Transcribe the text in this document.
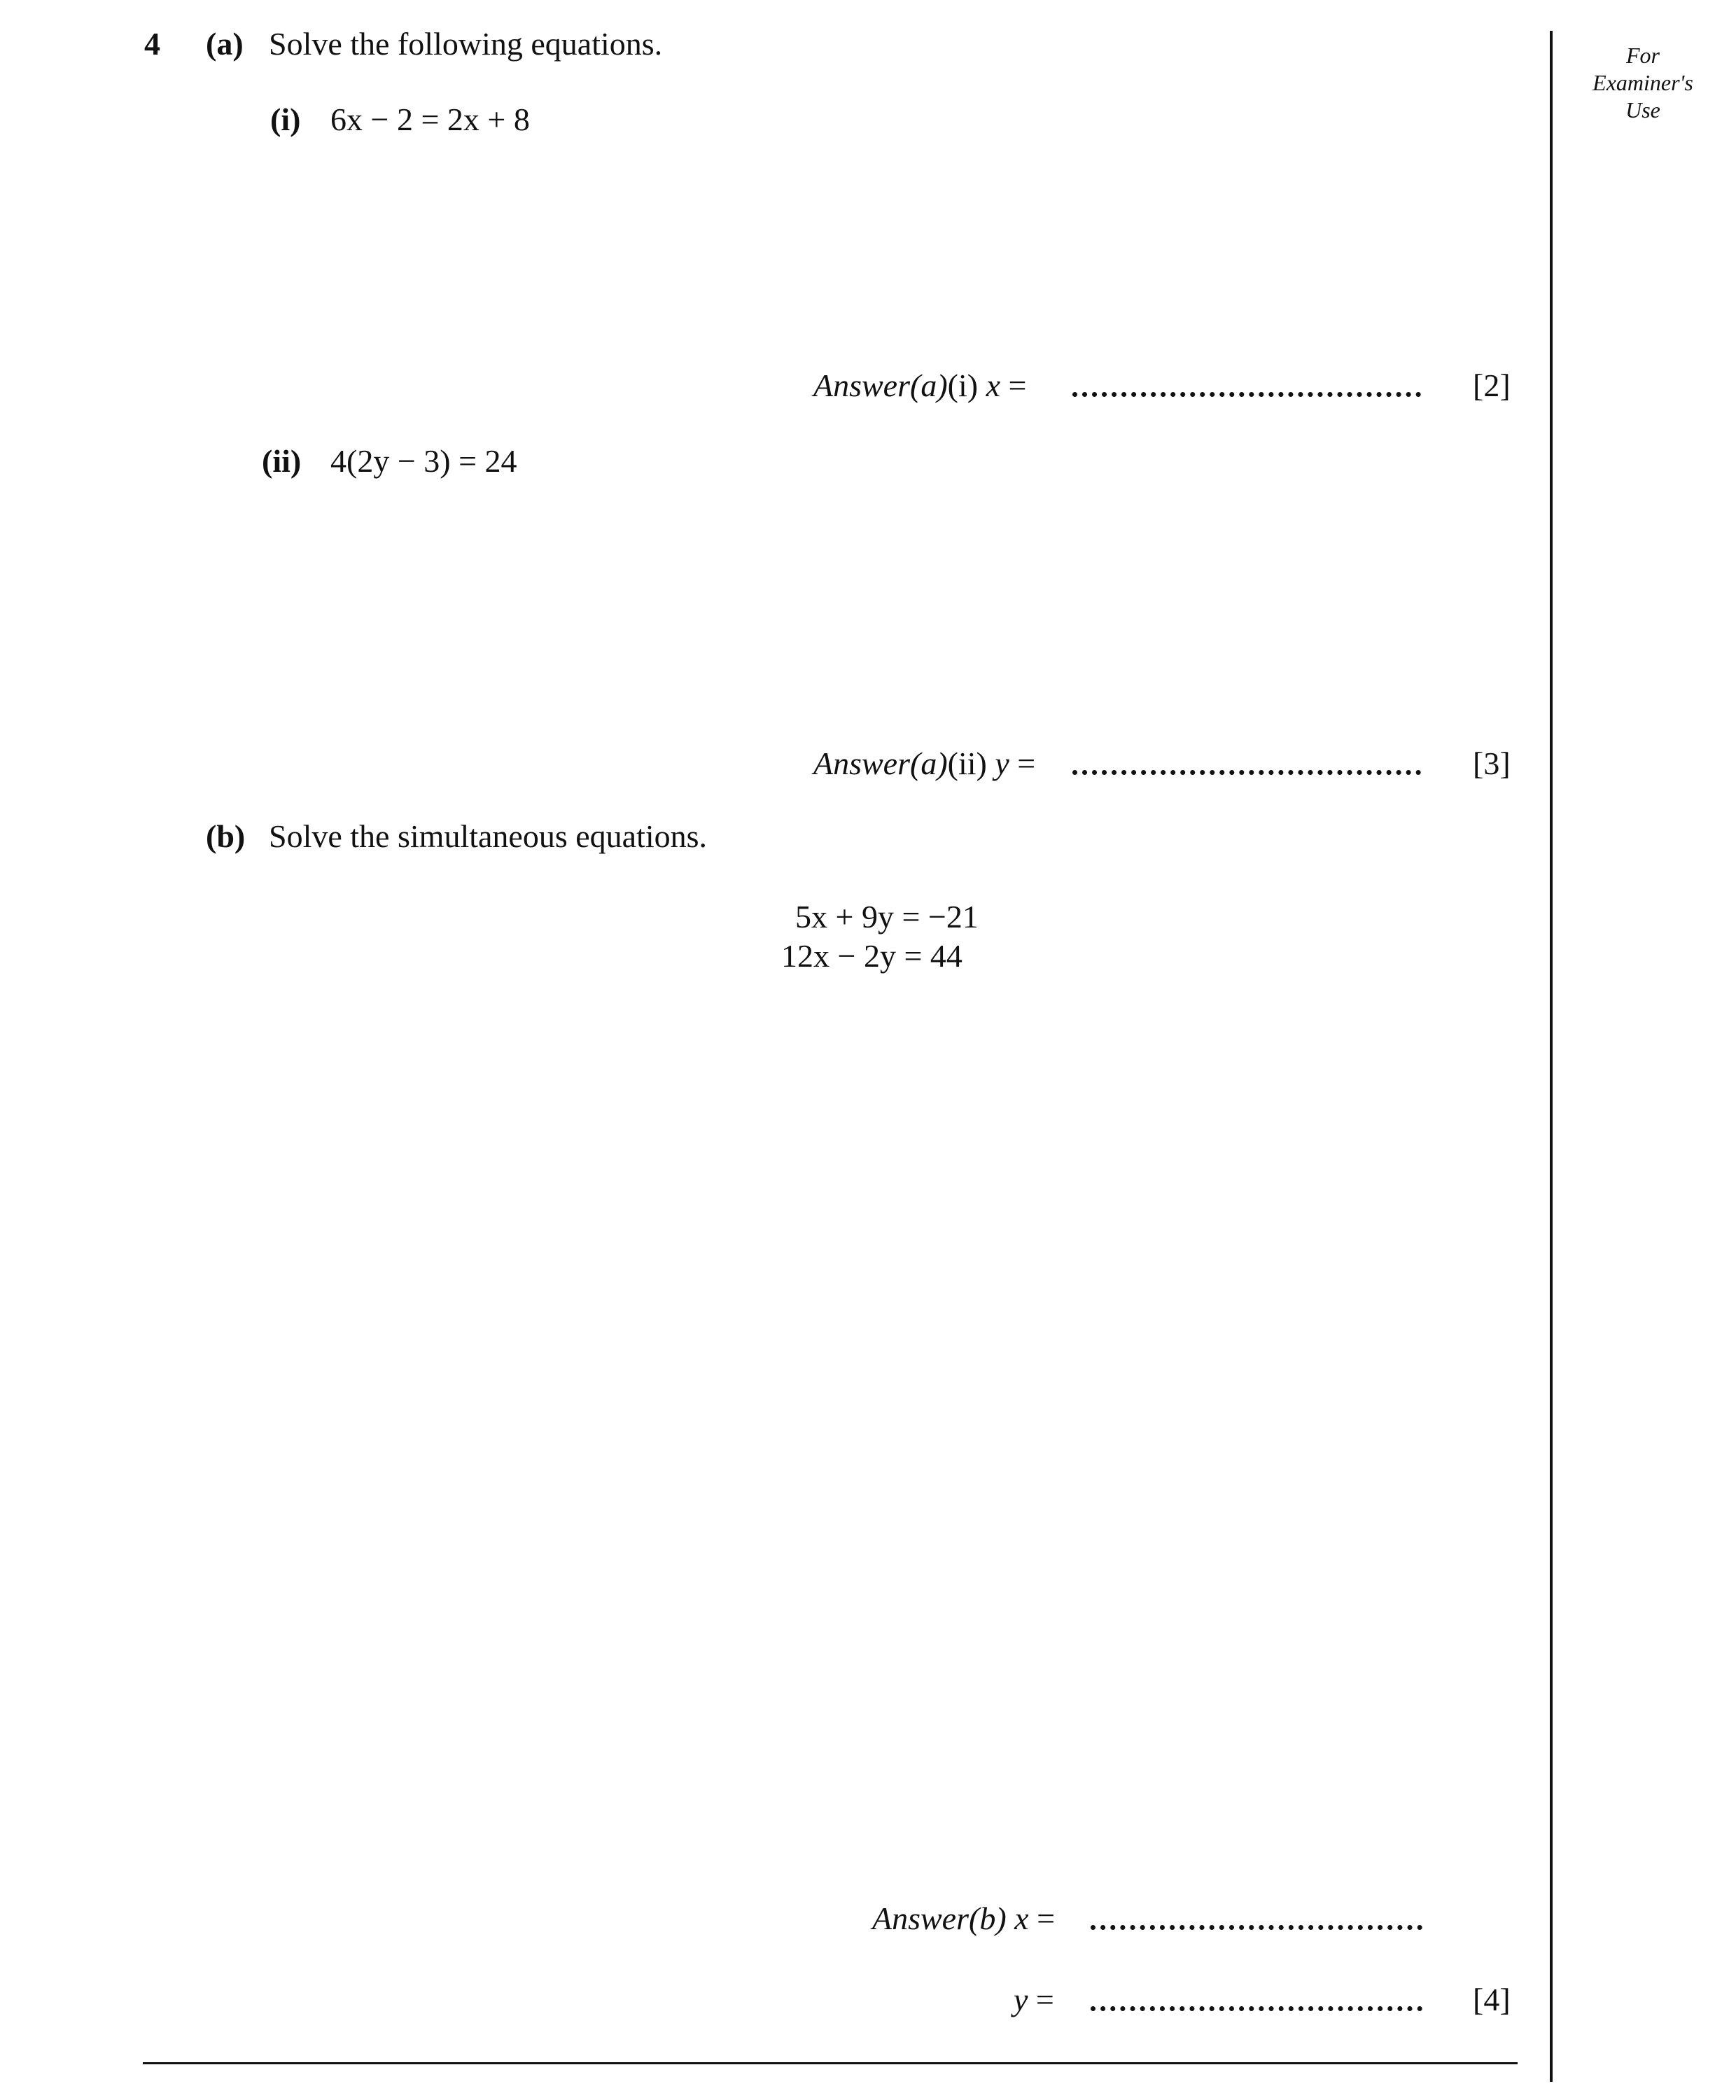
4 (a) Solve the following equations.
(i) 6x − 2 = 2x + 8
Answer(a)(i) x =	[2]
(ii) 4(2y − 3) = 24
Answer(a)(ii) y =	[3]
(b) Solve the simultaneous equations.
5x + 9y = −21
12x − 2y = 44
Answer(b) x =
y =	[4]
For
Examiner's
Use
